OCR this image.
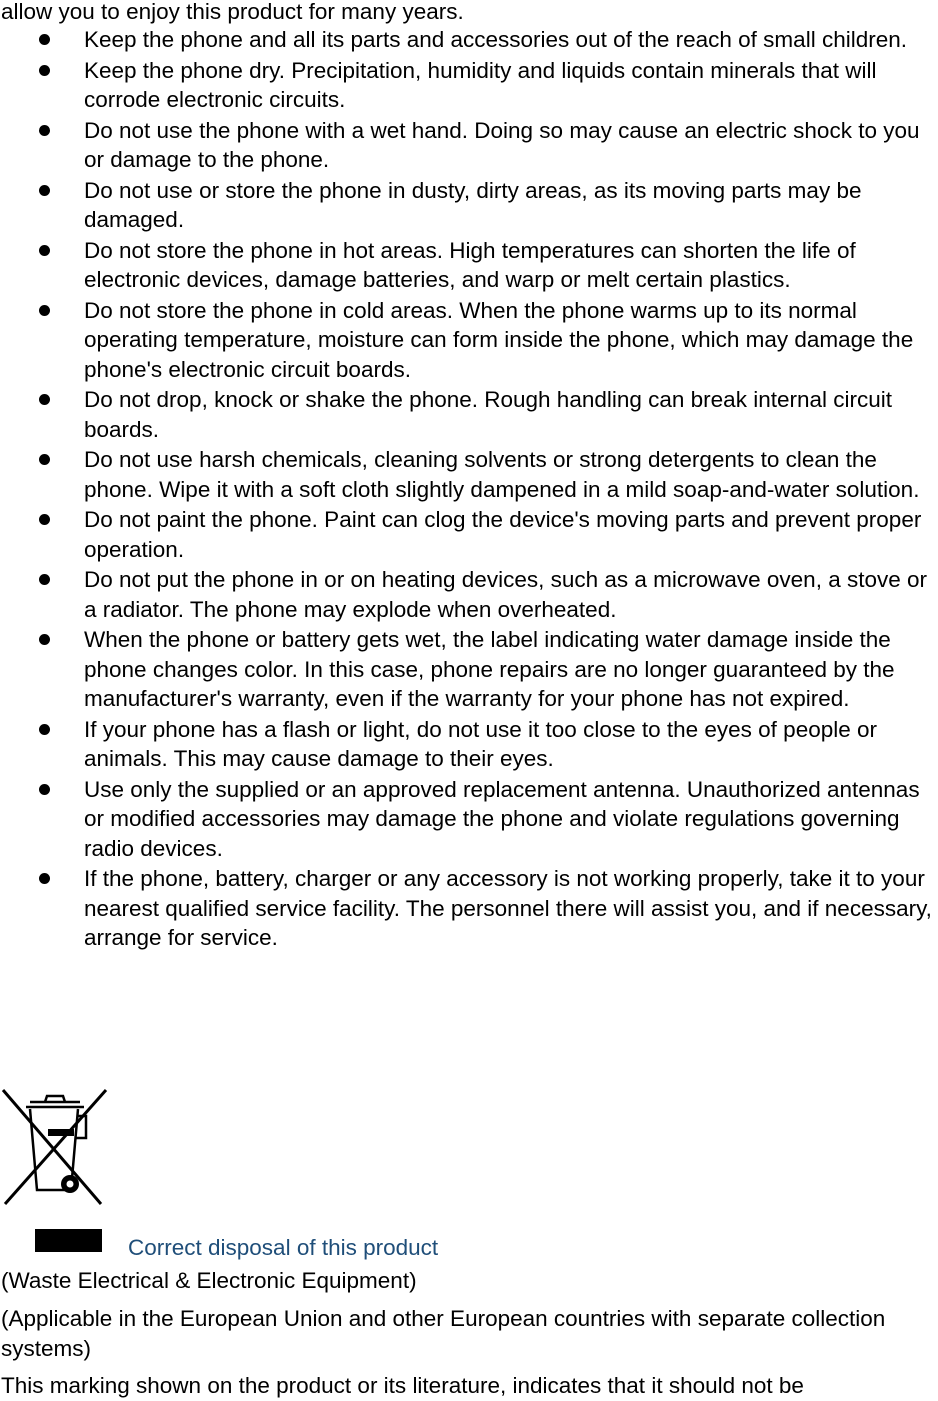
allow you to enjoy this product for many years.

Keep the phone and all its parts and accessories out of the reach of small children.
Keep the phone dry. Precipitation, humidity and liquids contain minerals that will corrode electronic circuits.
Do not use the phone with a wet hand. Doing so may cause an electric shock to you or damage to the phone.
Do not use or store the phone in dusty, dirty areas, as its moving parts may be damaged.
Do not store the phone in hot areas. High temperatures can shorten the life of electronic devices, damage batteries, and warp or melt certain plastics.
Do not store the phone in cold areas. When the phone warms up to its normal operating temperature, moisture can form inside the phone, which may damage the phone's electronic circuit boards.
Do not drop, knock or shake the phone. Rough handling can break internal circuit boards.
Do not use harsh chemicals, cleaning solvents or strong detergents to clean the phone. Wipe it with a soft cloth slightly dampened in a mild soap-and-water solution.
Do not paint the phone. Paint can clog the device's moving parts and prevent proper operation.
Do not put the phone in or on heating devices, such as a microwave oven, a stove or a radiator. The phone may explode when overheated.
When the phone or battery gets wet, the label indicating water damage inside the phone changes color. In this case, phone repairs are no longer guaranteed by the manufacturer's warranty, even if the warranty for your phone has not expired.
If your phone has a flash or light, do not use it too close to the eyes of people or animals. This may cause damage to their eyes.
Use only the supplied or an approved replacement antenna. Unauthorized antennas or modified accessories may damage the phone and violate regulations governing radio devices.
If the phone, battery, charger or any accessory is not working properly, take it to your nearest qualified service facility. The personnel there will assist you, and if necessary, arrange for service.

Correct disposal of this product

(Waste Electrical & Electronic Equipment)

(Applicable in the European Union and other European countries with separate collection systems)

This marking shown on the product or its literature, indicates that it should not be
